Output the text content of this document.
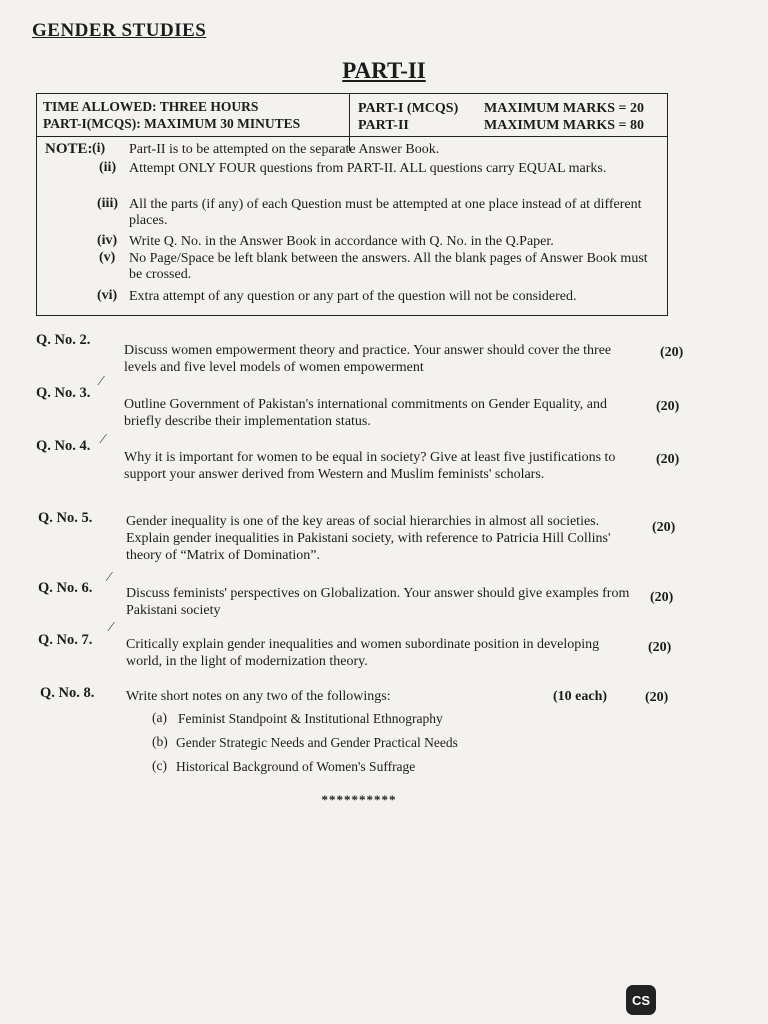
GENDER STUDIES
PART-II
TIME ALLOWED: THREE HOURS
PART-I(MCQS): MAXIMUM 30 MINUTES
PART-I (MCQS)
PART-II
MAXIMUM MARKS = 20
MAXIMUM MARKS = 80
NOTE: (i) Part-II is to be attempted on the separate Answer Book.
(ii) Attempt ONLY FOUR questions from PART-II. ALL questions carry EQUAL marks.
(iii) All the parts (if any) of each Question must be attempted at one place instead of at different places.
(iv) Write Q. No. in the Answer Book in accordance with Q. No. in the Q.Paper.
(v) No Page/Space be left blank between the answers. All the blank pages of Answer Book must be crossed.
(vi) Extra attempt of any question or any part of the question will not be considered.
Q. No. 2.
Discuss women empowerment theory and practice. Your answer should cover the three levels and five level models of women empowerment
(20)
Q. No. 3.
⁄
Outline Government of Pakistan's international commitments on Gender Equality, and briefly describe their implementation status.
(20)
Q. No. 4. ⁄
Why it is important for women to be equal in society? Give at least five justifications to support your answer derived from Western and Muslim feminists' scholars.
(20)
Q. No. 5. Gender inequality is one of the key areas of social hierarchies in almost all societies. Explain gender inequalities in Pakistani society, with reference to Patricia Hill Collins' theory of “Matrix of Domination”.
(20)
Q. No. 6.
⁄
Discuss feminists' perspectives on Globalization. Your answer should give examples from Pakistani society
(20)
Q. No. 7.
⁄
Critically explain gender inequalities and women subordinate position in developing world, in the light of modernization theory.
(20)
Q. No. 8. Write short notes on any two of the followings:	(10 each)	(20)
(a) Feminist Standpoint & Institutional Ethnography
(b) Gender Strategic Needs and Gender Practical Needs
(c) Historical Background of Women's Suffrage
**********
CS
